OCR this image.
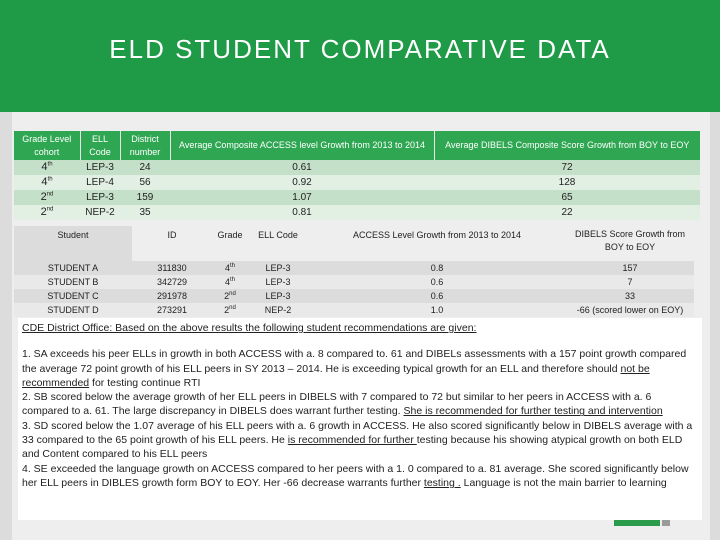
ELD STUDENT COMPARATIVE DATA
Grade Level cohort	ELL Code	District number	Average Composite ACCESS level Growth from 2013 to 2014	Average DIBELS Composite Score Growth from BOY to EOY
4th	LEP-3	24	0.61	72
4th	LEP-4	56	0.92	128
2nd	LEP-3	159	1.07	65
2nd	NEP-2	35	0.81	22
Student	ID	Grade	ELL Code	ACCESS Level Growth from 2013 to 2014	DIBELS Score Growth from BOY to EOY
STUDENT A	311830	4th	LEP-3	0.8	157
STUDENT B	342729	4th	LEP-3	0.6	7
STUDENT C	291978	2nd	LEP-3	0.6	33
STUDENT D	273291	2nd	NEP-2	1.0	-66 (scored lower on EOY)

CDE District Office: Based on the above results the following student recommendations are given:

1. SA exceeds his peer ELLs in growth in both ACCESS with a. 8 compared to. 61 and DIBELs assessments with a 157 point growth compared the average 72 point growth of his ELL peers in SY 2013 – 2014. He is exceeding typical growth for an ELL and therefore should not be recommended for testing continue RTI

2. SB scored below the average growth of her ELL peers in DIBELS with 7 compared to 72 but similar to her peers in ACCESS with a. 6 compared to a. 61. The large discrepancy in DIBELS does warrant further testing. She is recommended for further testing and intervention

3. SD scored below the 1.07 average of his ELL peers with a. 6 growth in ACCESS. He also scored significantly below in DIBELS average with a 33 compared to the 65 point growth of his ELL peers. He is recommended for further testing because his showing atypical growth on both ELD and Content compared to his ELL peers

4. SE exceeded the language growth on ACCESS compared to her peers with a 1. 0 compared to a. 81 average. She scored significantly below her ELL peers in DIBLES growth form BOY to EOY. Her -66 decrease warrants further testing . Language is not the main barrier to learning
